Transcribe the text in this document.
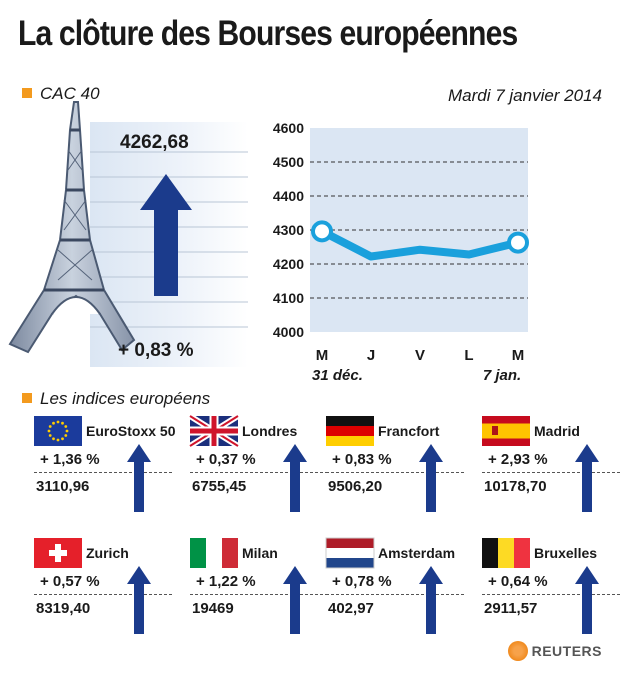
La clôture des Bourses européennes
CAC 40	Mardi 7 janvier 2014
4262,68
+ 0,83 %
4600
4500
4400
4300
4200
4100
4000
M
31 déc.
J	V	L	M
7 jan.
Les indices européens
EuroStoxx 50
+ 1,36 %
3110,96
Londres
+ 0,37 %
6755,45
Francfort
+ 0,83 %
9506,20
Madrid
+ 2,93 %
10178,70
Zurich
+ 0,57 %
8319,40
Milan
+ 1,22 %
19469
Amsterdam
+ 0,78 %
402,97
Bruxelles
+ 0,64 %
2911,57
REUTERS
